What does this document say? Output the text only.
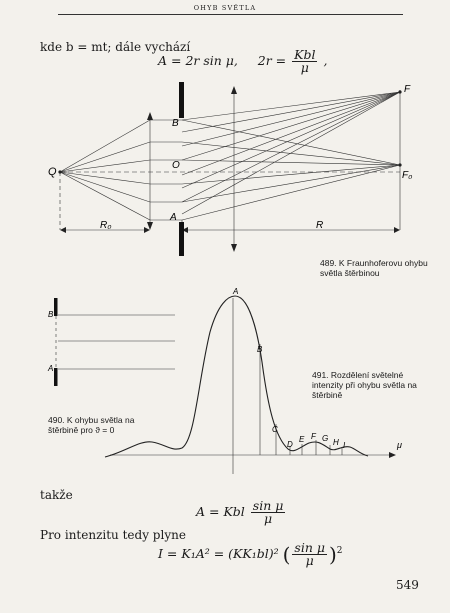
OHYB SVĚTLA
kde b = mt; dále vychází
A = 2r sin μ, $2r = \frac{\text{Kbl}}{\mu}$ ,
Q
B
O
A
F
F₀
R₀	R
489. K Fraunhoferovu ohybu světla štěrbinou
B
A
490. K ohybu světla na štěrbině pro ϑ = 0
A
B
C
D
E F G H I	μ
491. Rozdělení světelné intenzity při ohybu světla na štěrbině
takže
A = Kbl $\frac{\text{sin μ}}{\mu}$
Pro intenzitu tedy plyne
I = K₁A² = (KK₁bl)² ( $\frac{\text{sin μ}}{\mu} )^2$
549
